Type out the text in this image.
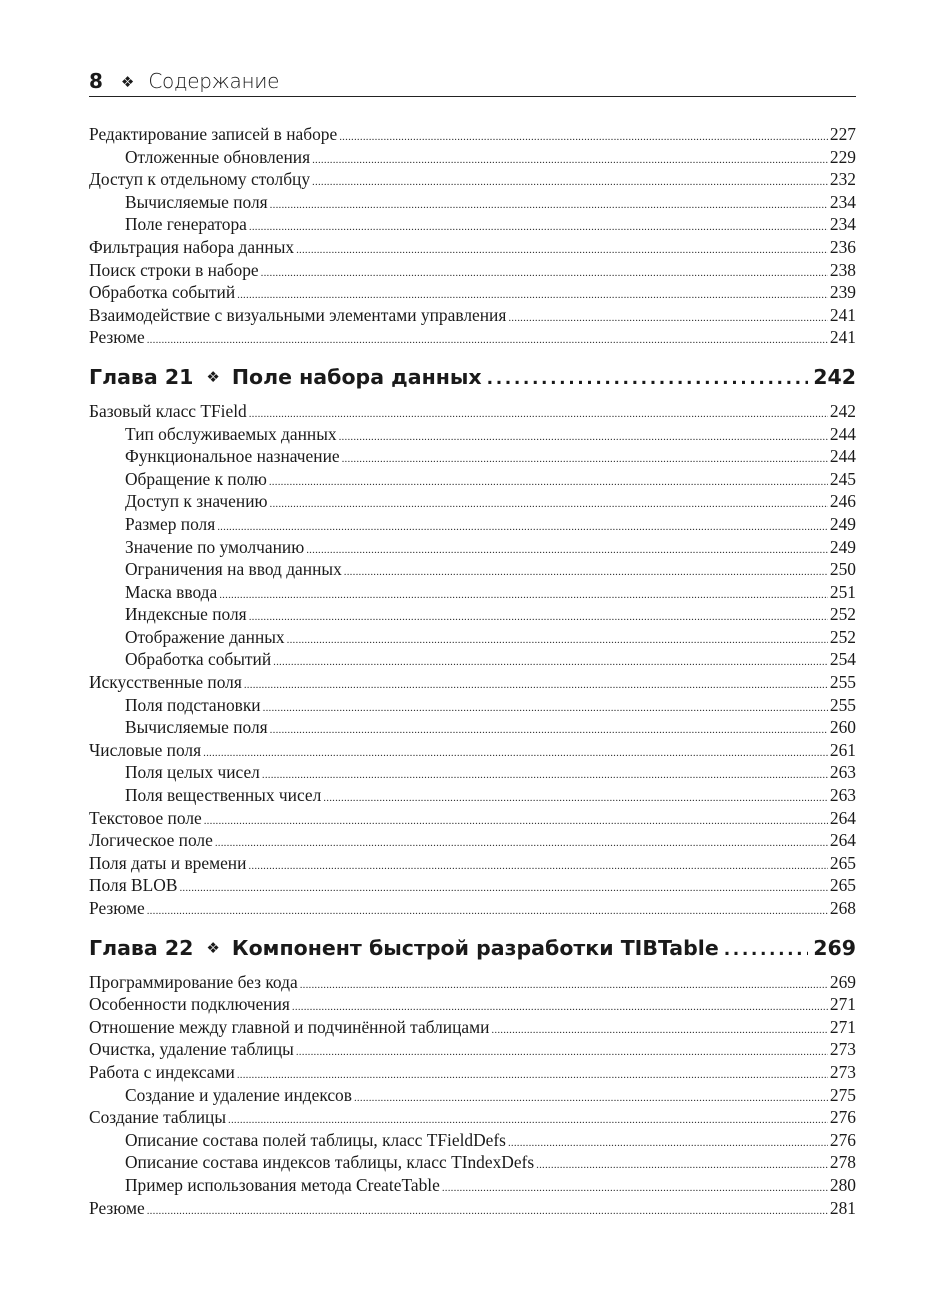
8 ❖ Содержание
Редактирование записей в наборе .....	227
Отложенные обновления .....	229
Доступ к отдельному столбцу .....	232
Вычисляемые поля .....	234
Поле генератора .....	234
Фильтрация набора данных .....	236
Поиск строки в наборе .....	238
Обработка событий .....	239
Взаимодействие с визуальными элементами управления .....	241
Резюме .....	241
Глава 21 ❖ Поле набора данных .....	242
Базовый класс TField .....	242
Тип обслуживаемых данных .....	244
Функциональное назначение .....	244
Обращение к полю .....	245
Доступ к значению .....	246
Размер поля .....	249
Значение по умолчанию .....	249
Ограничения на ввод данных .....	250
Маска ввода .....	251
Индексные поля .....	252
Отображение данных .....	252
Обработка событий .....	254
Искусственные поля .....	255
Поля подстановки .....	255
Вычисляемые поля .....	260
Числовые поля .....	261
Поля целых чисел .....	263
Поля вещественных чисел .....	263
Текстовое поле .....	264
Логическое поле .....	264
Поля даты и времени .....	265
Поля BLOB .....	265
Резюме .....	268
Глава 22 ❖ Компонент быстрой разработки TIBTable .....	269
Программирование без кода .....	269
Особенности подключения .....	271
Отношение между главной и подчинённой таблицами .....	271
Очистка, удаление таблицы .....	273
Работа с индексами .....	273
Создание и удаление индексов .....	275
Создание таблицы .....	276
Описание состава полей таблицы, класс TFieldDefs .....	276
Описание состава индексов таблицы, класс TIndexDefs .....	278
Пример использования метода CreateTable .....	280
Резюме .....	281
